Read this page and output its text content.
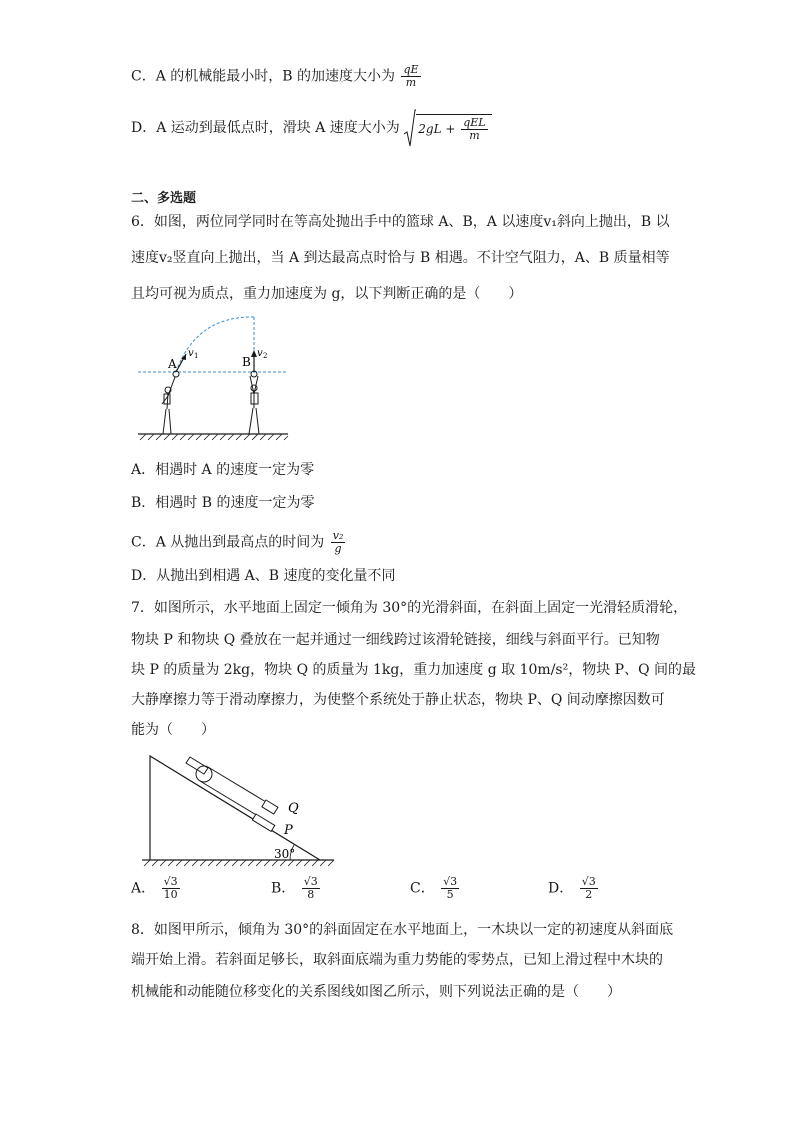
C．A 的机械能最小时，B 的加速度大小为 $\frac{qE}{m}$
D．A 运动到最低点时，滑块 A 速度大小为 $2gL + \frac{\text{qEL}}{m}$
二、多选题
6．如图，两位同学同时在等高处抛出手中的篮球 A、B，A 以速度v₁斜向上抛出，B 以
速度v₂竖直向上抛出，当 A 到达最高点时恰与 B 相遇。不计空气阻力，A、B 质量相等
且均可视为质点，重力加速度为 g，以下判断正确的是（　　）
A
v 1	B
v 2
A．相遇时 A 的速度一定为零
B．相遇时 B 的速度一定为零
C．A 从抛出到最高点的时间为 $\frac{\text{v₂}}{g}$
D．从抛出到相遇 A、B 速度的变化量不同
7．如图所示，水平地面上固定一倾角为 30°的光滑斜面，在斜面上固定一光滑轻质滑轮，
物块 P 和物块 Q 叠放在一起并通过一细线跨过该滑轮链接，细线与斜面平行。已知物
块 P 的质量为 2kg，物块 Q 的质量为 1kg，重力加速度 g 取 10m/s²，物块 P、Q 间的最
大静摩擦力等于滑动摩擦力，为使整个系统处于静止状态，物块 P、Q 间动摩擦因数可
能为（　　）
Q
P
30°
A． $\frac{√3}{10}$	B． $\frac{√3}{8}$	C． $\frac{√3}{5}$	D． $\frac{√3}{2}$
8．如图甲所示，倾角为 30°的斜面固定在水平地面上，一木块以一定的初速度从斜面底
端开始上滑。若斜面足够长，取斜面底端为重力势能的零势点，已知上滑过程中木块的
机械能和动能随位移变化的关系图线如图乙所示，则下列说法正确的是（　　）
